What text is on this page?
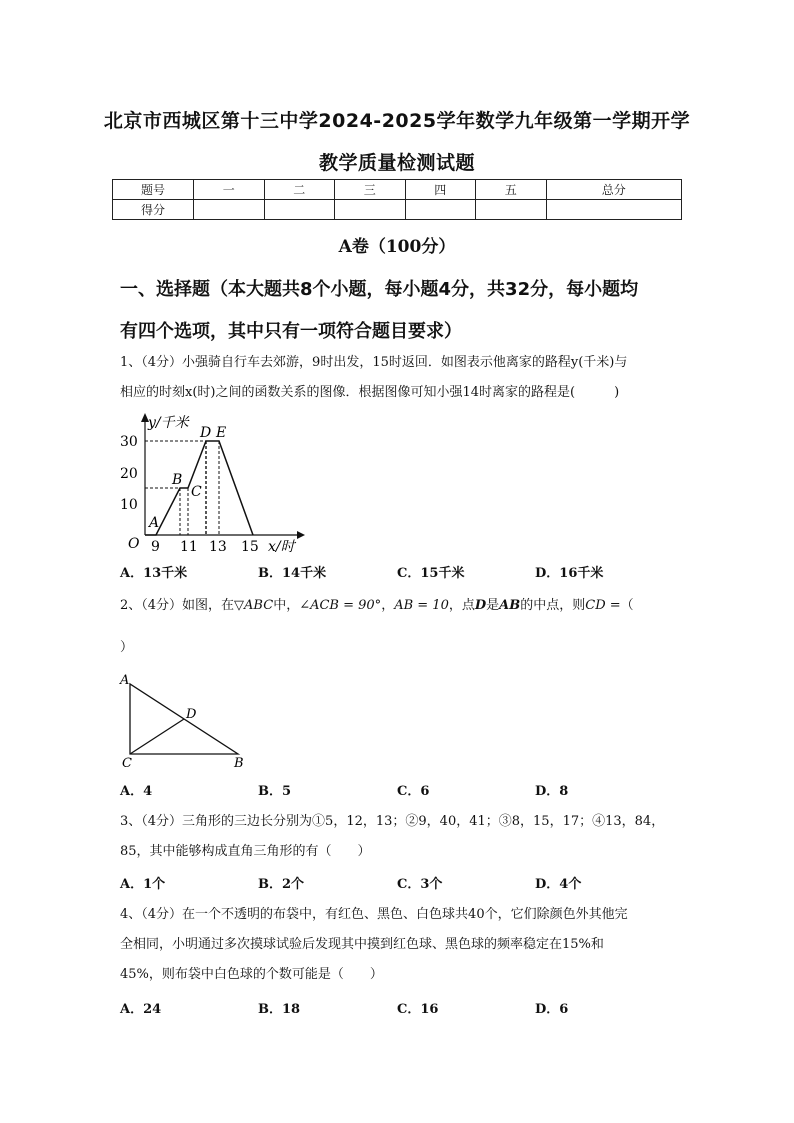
北京市西城区第十三中学2024-2025学年数学九年级第一学期开学
教学质量检测试题
题号	一	二	三	四	五	总分
得分						
A卷（100分）
一、选择题（本大题共8个小题，每小题4分，共32分，每小题均
有四个选项，其中只有一项符合题目要求）
1、（4分）小强骑自行车去郊游，9时出发，15时返回．如图表示他离家的路程y(千米)与
相应的时刻x(时)之间的函数关系的图像．根据图像可知小强14时离家的路程是(　　　)
y/千米
x/时
O
30
20
10
9 11 13 15
A
B
C
D E
A．13千米	B．14千米	C．15千米	D．16千米
2、（4分）如图，在▽ABC中，∠ACB = 90°，AB = 10，点D是AB的中点，则CD =（
）
A
D
C	B
A．4	B．5	C．6	D．8
3、（4分）三角形的三边长分别为①5，12，13；②9，40，41；③8，15，17；④13，84，
85，其中能够构成直角三角形的有（　　）
A．1个	B．2个	C．3个	D．4个
4、（4分）在一个不透明的布袋中，有红色、黑色、白色球共40个，它们除颜色外其他完
全相同，小明通过多次摸球试验后发现其中摸到红色球、黑色球的频率稳定在15%和
45%，则布袋中白色球的个数可能是（　　）
A．24	B．18	C．16	D．6
